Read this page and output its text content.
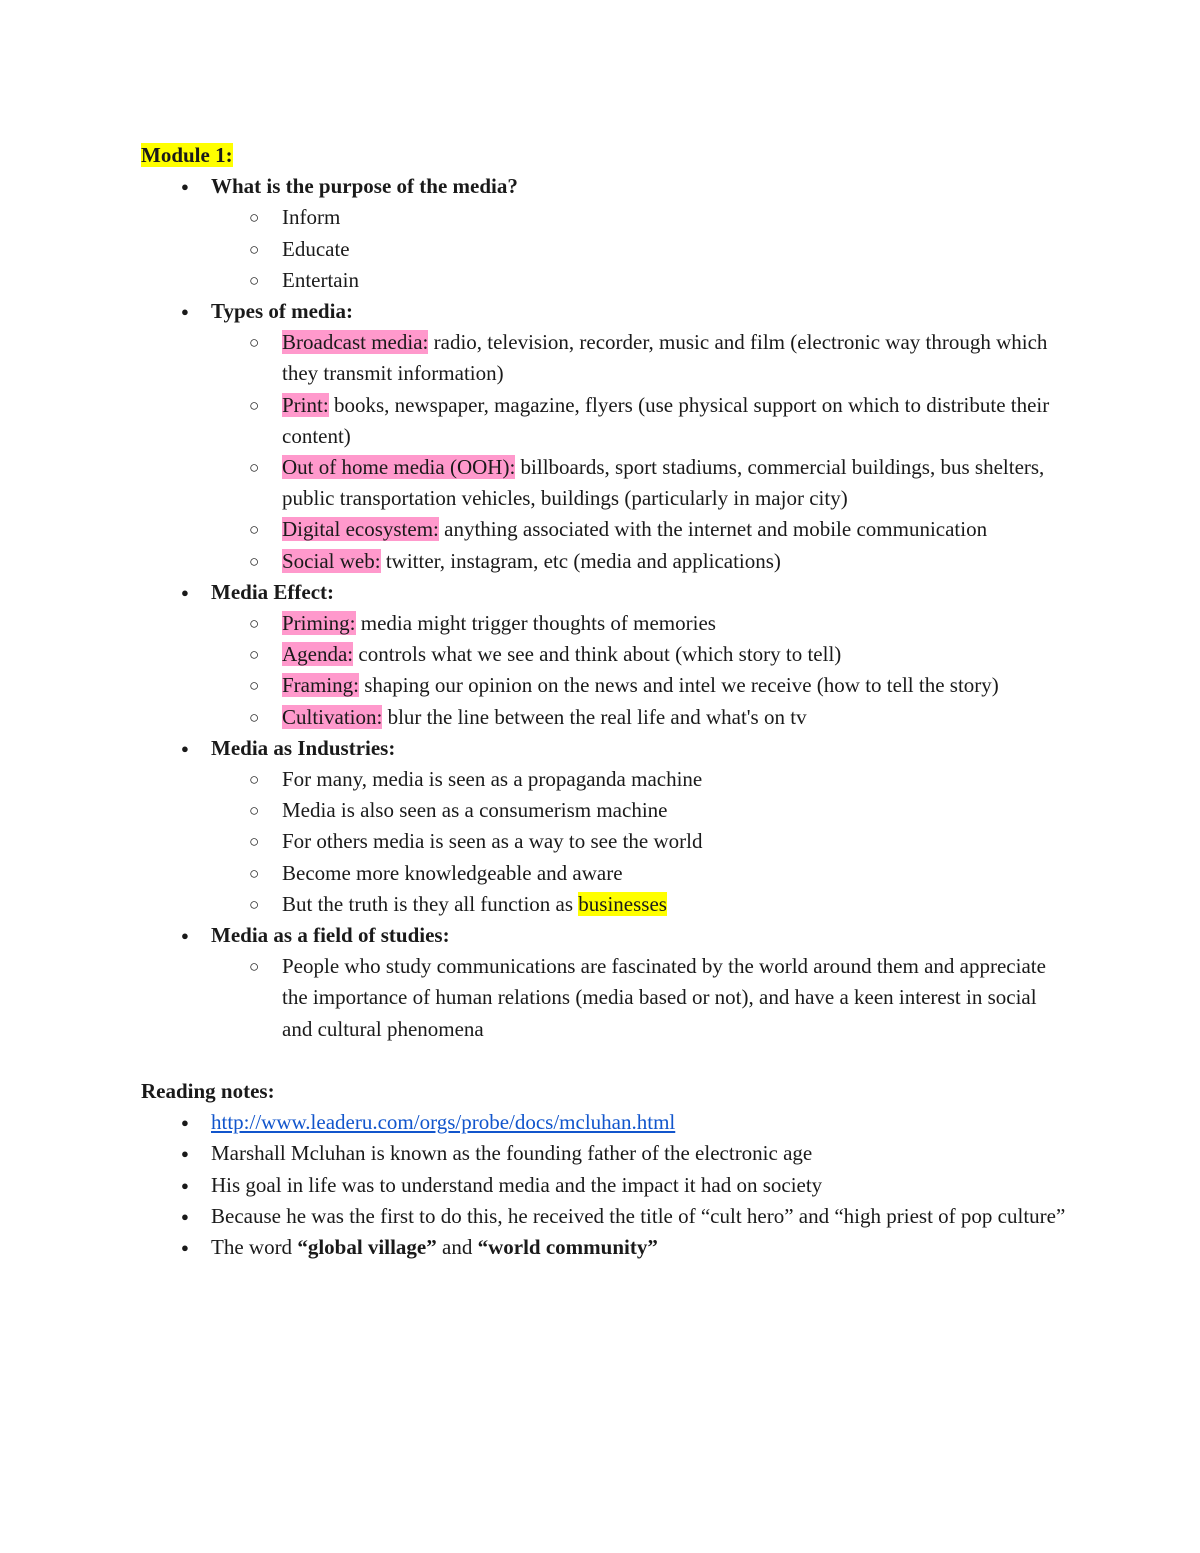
Module 1:

● What is the purpose of the media?
○ Inform
○ Educate
○ Entertain
● Types of media:
○ Broadcast media: radio, television, recorder, music and film (electronic way through which they transmit information)
○ Print: books, newspaper, magazine, flyers (use physical support on which to distribute their content)
○ Out of home media (OOH): billboards, sport stadiums, commercial buildings, bus shelters, public transportation vehicles, buildings (particularly in major city)
○ Digital ecosystem: anything associated with the internet and mobile communication
○ Social web: twitter, instagram, etc (media and applications)
● Media Effect:
○ Priming: media might trigger thoughts of memories
○ Agenda: controls what we see and think about (which story to tell)
○ Framing: shaping our opinion on the news and intel we receive (how to tell the story)
○ Cultivation: blur the line between the real life and what's on tv
● Media as Industries:
○ For many, media is seen as a propaganda machine
○ Media is also seen as a consumerism machine
○ For others media is seen as a way to see the world
○ Become more knowledgeable and aware
○ But the truth is they all function as businesses
● Media as a field of studies:
○ People who study communications are fascinated by the world around them and appreciate the importance of human relations (media based or not), and have a keen interest in social and cultural phenomena

Reading notes:

● http://www.leaderu.com/orgs/probe/docs/mcluhan.html
● Marshall Mcluhan is known as the founding father of the electronic age
● His goal in life was to understand media and the impact it had on society
● Because he was the first to do this, he received the title of “cult hero” and “high priest of pop culture”
● The word “global village” and “world community”
